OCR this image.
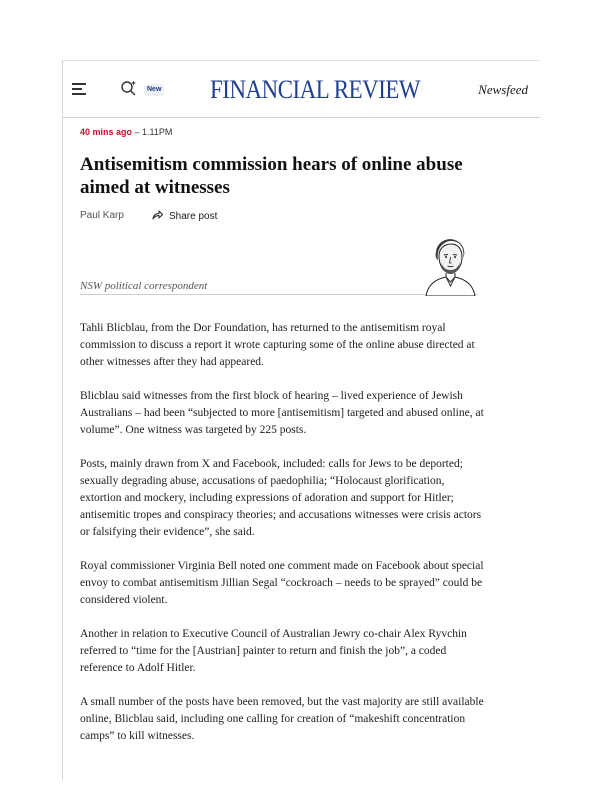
New FINANCIAL REVIEW	Newsfeed
40 mins ago – 1.11PM
Antisemitism commission hears of online abuse aimed at witnesses
Paul Karp	Share post
NSW political correspondent

Tahli Blicblau, from the Dor Foundation, has returned to the antisemitism royal commission to discuss a report it wrote capturing some of the online abuse directed at other witnesses after they had appeared.

Blicblau said witnesses from the first block of hearing – lived experience of Jewish Australians – had been “subjected to more [antisemitism] targeted and abused online, at volume”. One witness was targeted by 225 posts.

Posts, mainly drawn from X and Facebook, included: calls for Jews to be deported; sexually degrading abuse, accusations of paedophilia; “Holocaust glorification, extortion and mockery, including expressions of adoration and support for Hitler; antisemitic tropes and conspiracy theories; and accusations witnesses were crisis actors or falsifying their evidence”, she said.

Royal commissioner Virginia Bell noted one comment made on Facebook about special envoy to combat antisemitism Jillian Segal “cockroach – needs to be sprayed” could be considered violent.

Another in relation to Executive Council of Australian Jewry co-chair Alex Ryvchin referred to “time for the [Austrian] painter to return and finish the job”, a coded reference to Adolf Hitler.

A small number of the posts have been removed, but the vast majority are still available online, Blicblau said, including one calling for creation of “makeshift concentration camps” to kill witnesses.
